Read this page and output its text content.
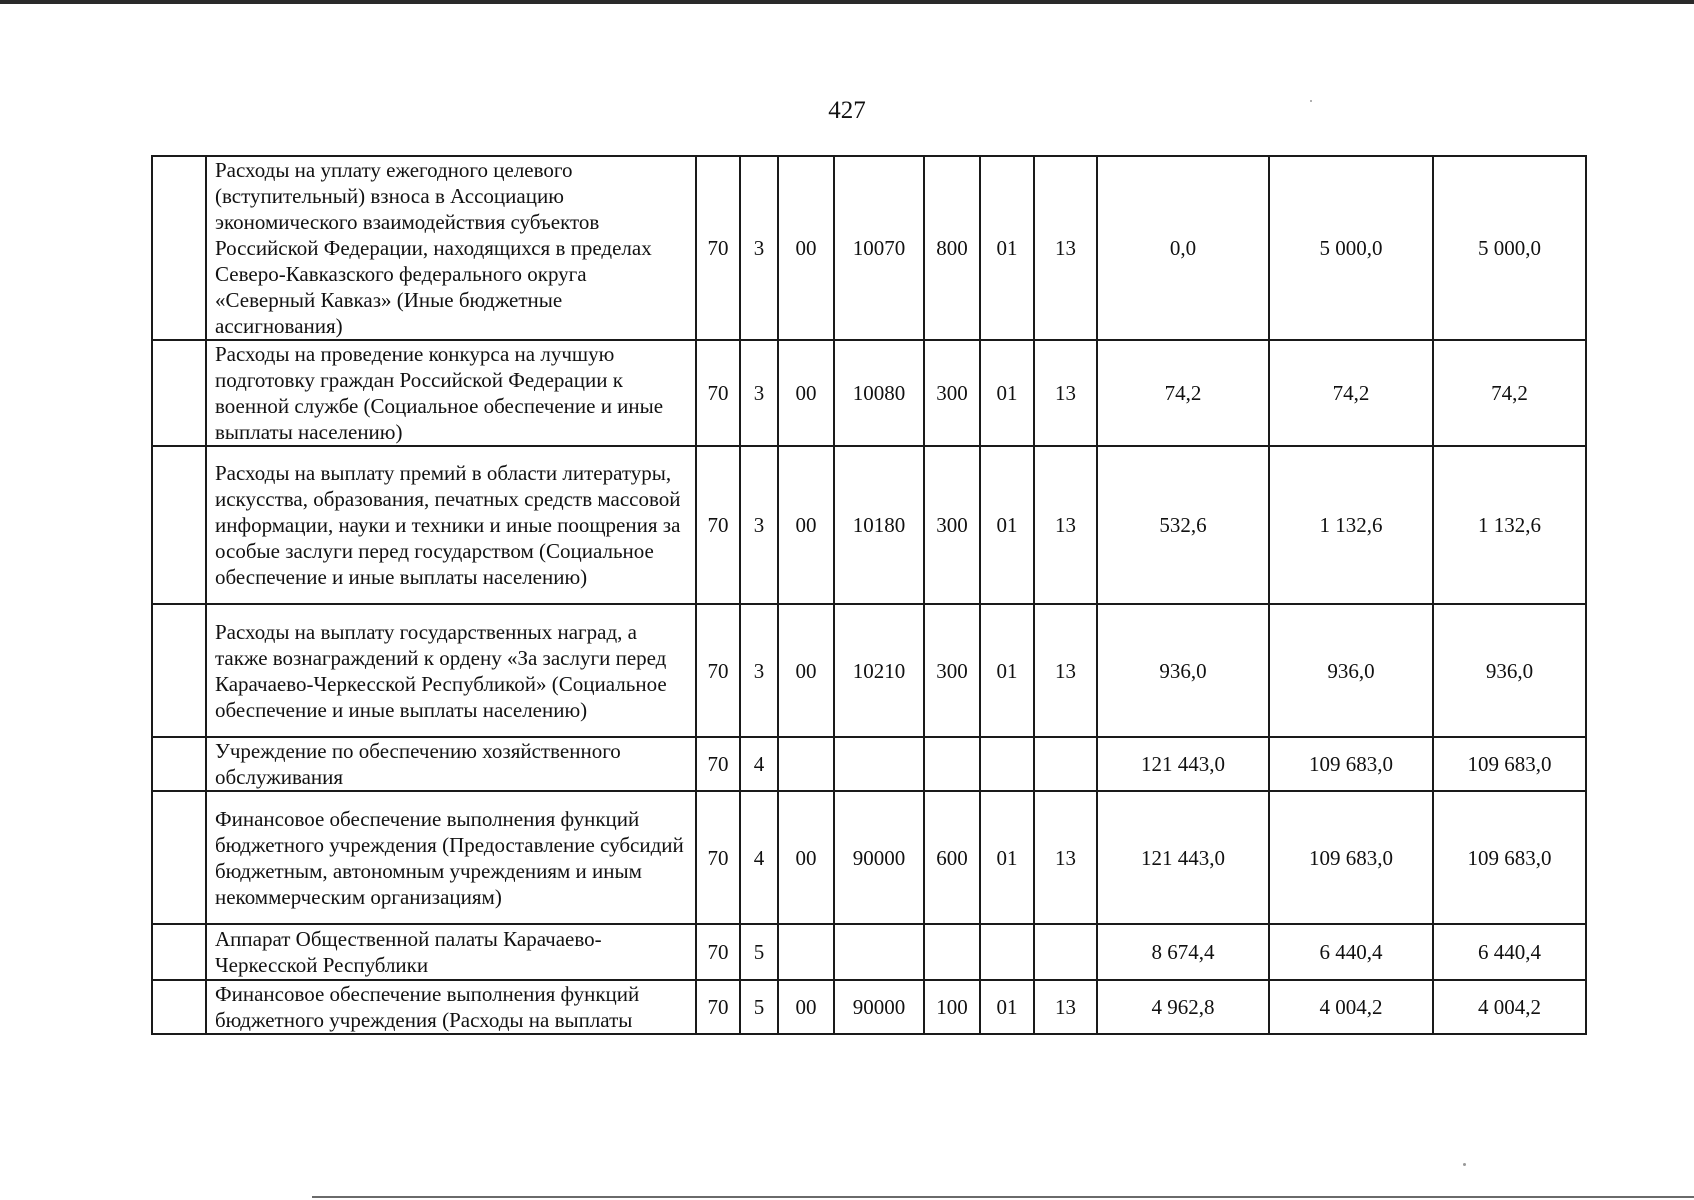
427
	Расходы на уплату ежегодного целевого (вступительный) взноса в Ассоциацию экономического взаимодействия субъектов Российской Федерации, находящихся в пределах Северо-Кавказского федерального округа «Северный Кавказ» (Иные бюджетные ассигнования)	70	3	00	10070	800	01	13	0,0	5 000,0	5 000,0
	Расходы на проведение конкурса на лучшую подготовку граждан Российской Федерации к военной службе (Социальное обеспечение и иные выплаты населению)	70	3	00	10080	300	01	13	74,2	74,2	74,2
	Расходы на выплату премий в области литературы, искусства, образования, печатных средств массовой информации, науки и техники и иные поощрения за особые заслуги перед государством (Социальное обеспечение и иные выплаты населению)	70	3	00	10180	300	01	13	532,6	1 132,6	1 132,6
	Расходы на выплату государственных наград, а также вознаграждений к ордену «За заслуги перед Карачаево-Черкесской Республикой» (Социальное обеспечение и иные выплаты населению)	70	3	00	10210	300	01	13	936,0	936,0	936,0
	Учреждение по обеспечению хозяйственного обслуживания	70	4						121 443,0	109 683,0	109 683,0
	Финансовое обеспечение выполнения функций бюджетного учреждения (Предоставление субсидий бюджетным, автономным учреждениям и иным некоммерческим организациям)	70	4	00	90000	600	01	13	121 443,0	109 683,0	109 683,0
	Аппарат Общественной палаты Карачаево-Черкесской Республики	70	5						8 674,4	6 440,4	6 440,4
	Финансовое обеспечение выполнения функций бюджетного учреждения (Расходы на выплаты	70	5	00	90000	100	01	13	4 962,8	4 004,2	4 004,2
